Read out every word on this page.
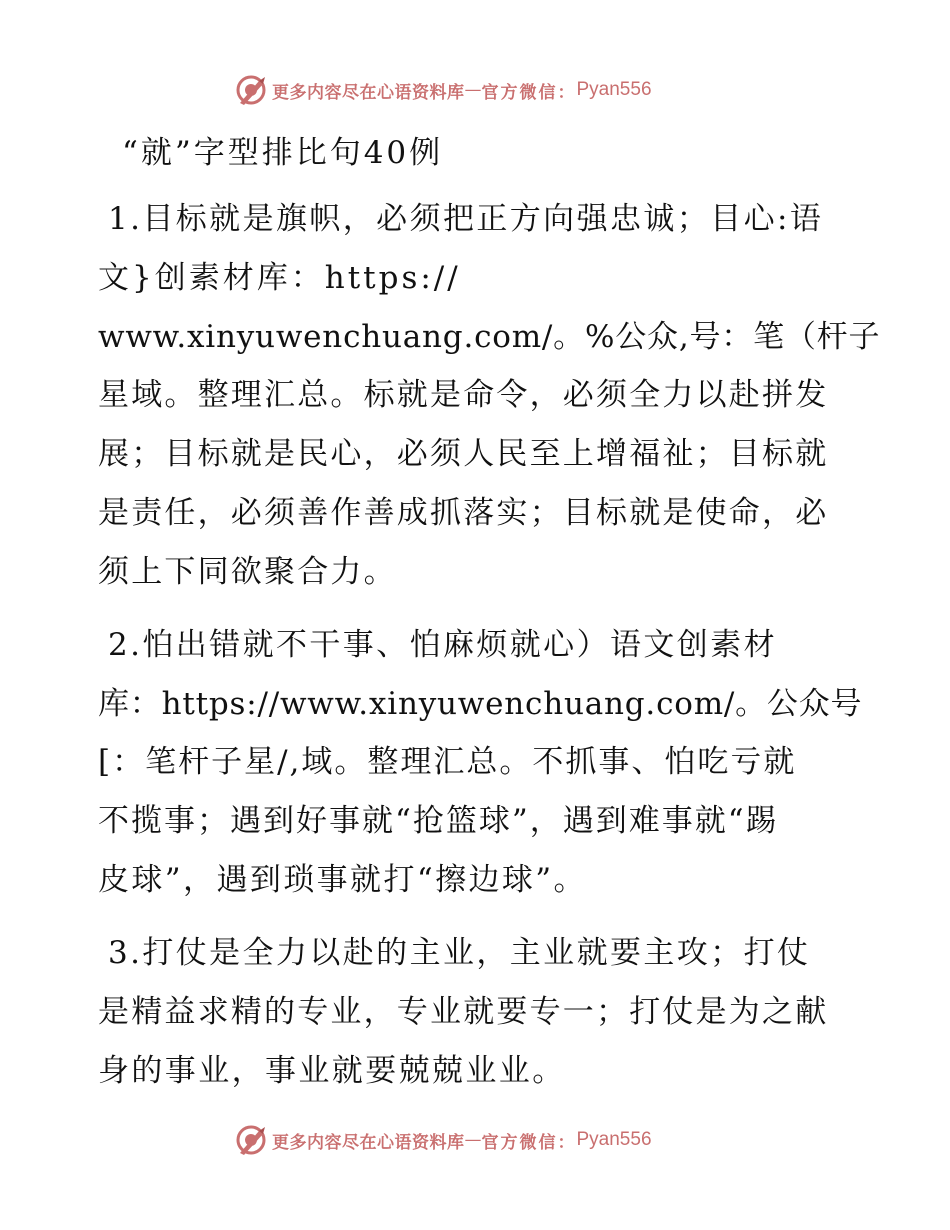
更多内容尽在心语资料库 — 官方微信： Pyan556
“就”字型排比句40例
1.目标就是旗帜，必须把正方向强忠诚；目心:语
文}创素材库：https://
www.xinyuwenchuang.com/。%公众,号：笔（杆子
星域。整理汇总。标就是命令，必须全力以赴拼发
展；目标就是民心，必须人民至上增福祉；目标就
是责任，必须善作善成抓落实；目标就是使命，必
须上下同欲聚合力。
2.怕出错就不干事、怕麻烦就心）语文创素材
库：https://www.xinyuwenchuang.com/。公众号
[：笔杆子星/,域。整理汇总。不抓事、怕吃亏就
不揽事；遇到好事就“抢篮球”，遇到难事就“踢
皮球”，遇到琐事就打“擦边球”。
3.打仗是全力以赴的主业，主业就要主攻；打仗
是精益求精的专业，专业就要专一；打仗是为之献
身的事业，事业就要兢兢业业。
更多内容尽在心语资料库 — 官方微信： Pyan556
